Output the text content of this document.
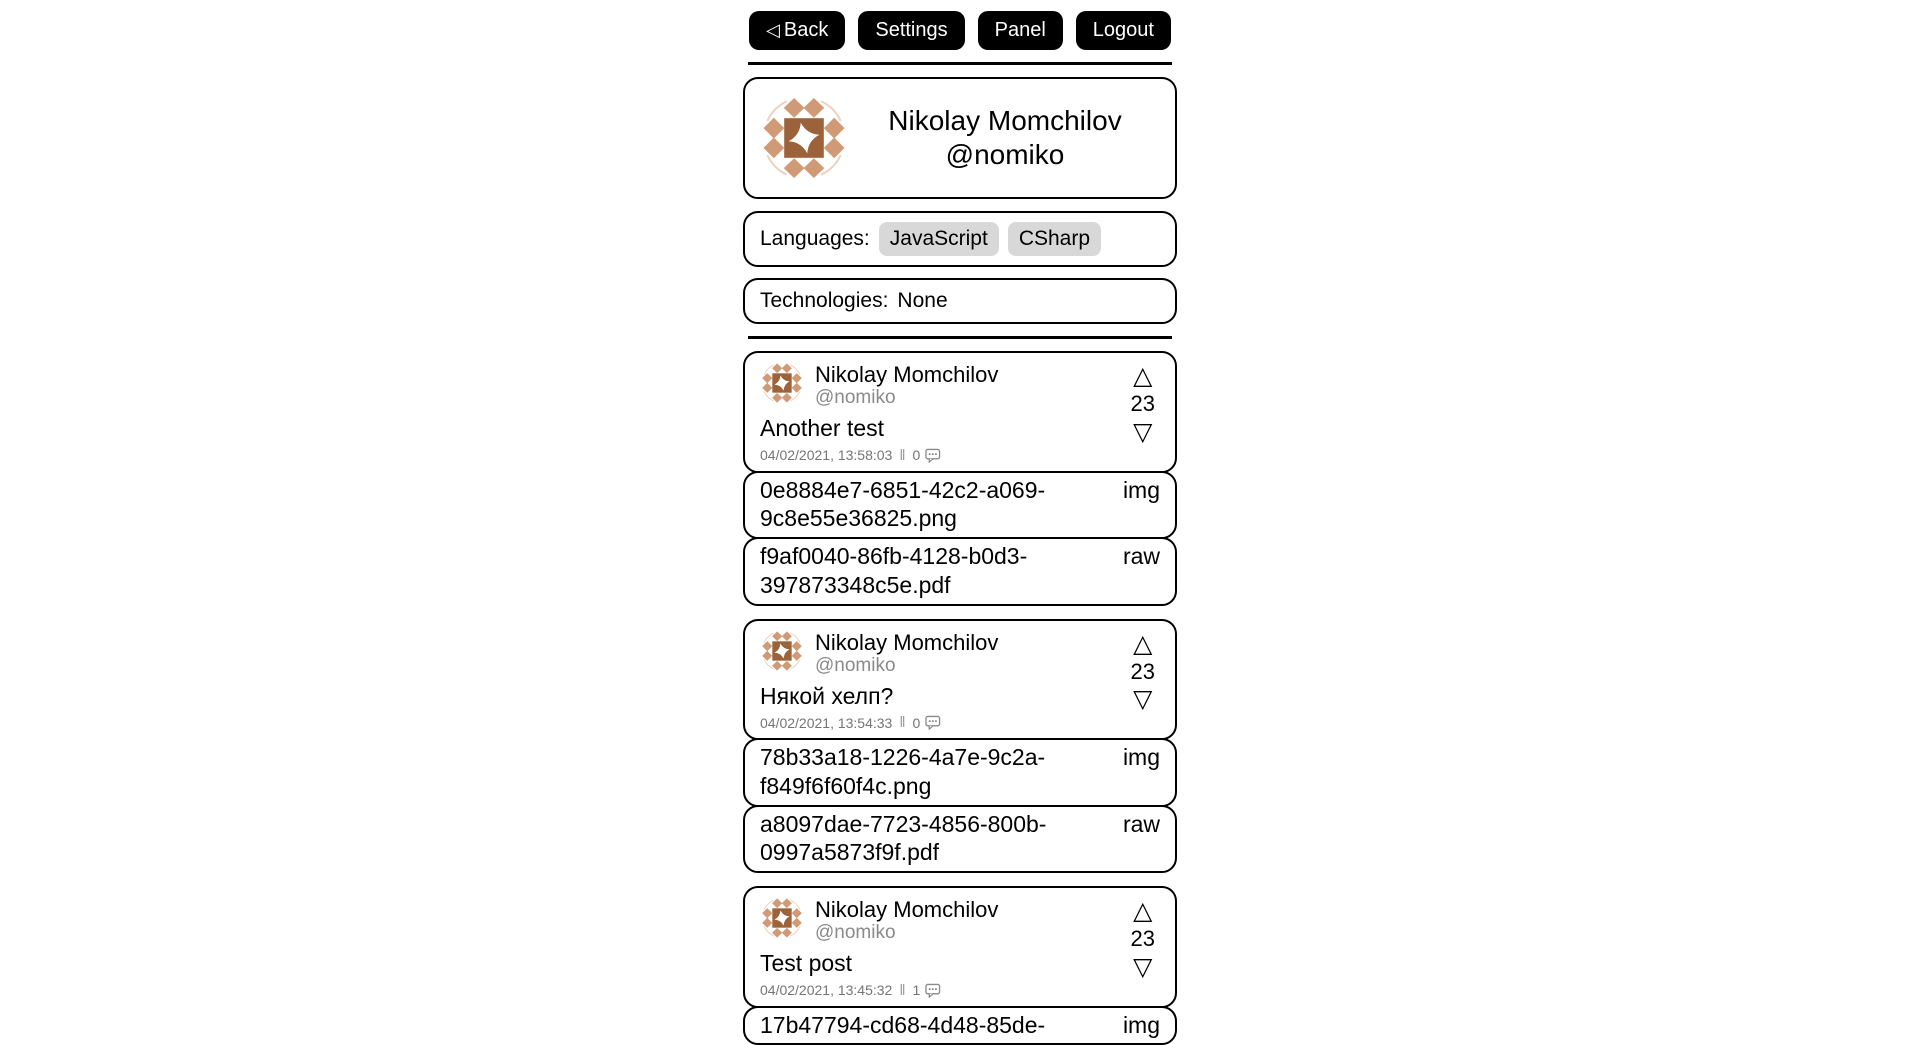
◁ Back	Settings	Panel	Logout
Nikolay Momchilov
@nomiko
Languages: JavaScript	CSharp
Technologies: None
Nikolay Momchilov
@nomiko
Another test
04/02/2021, 13:58:03 ‖ 0
△
23
▽
0e8884e7-6851-42c2-a069-9c8e55e36825.png
img
f9af0040-86fb-4128-b0d3-397873348c5e.pdf
raw
Nikolay Momchilov
@nomiko
Някой хелп?
04/02/2021, 13:54:33 ‖ 0
△
23
▽
78b33a18-1226-4a7e-9c2a-f849f6f60f4c.png
img
a8097dae-7723-4856-800b-0997a5873f9f.pdf
raw
Nikolay Momchilov
@nomiko
Test post
04/02/2021, 13:45:32 ‖ 1
△
23
▽
17b47794-cd68-4d48-85de-	img
